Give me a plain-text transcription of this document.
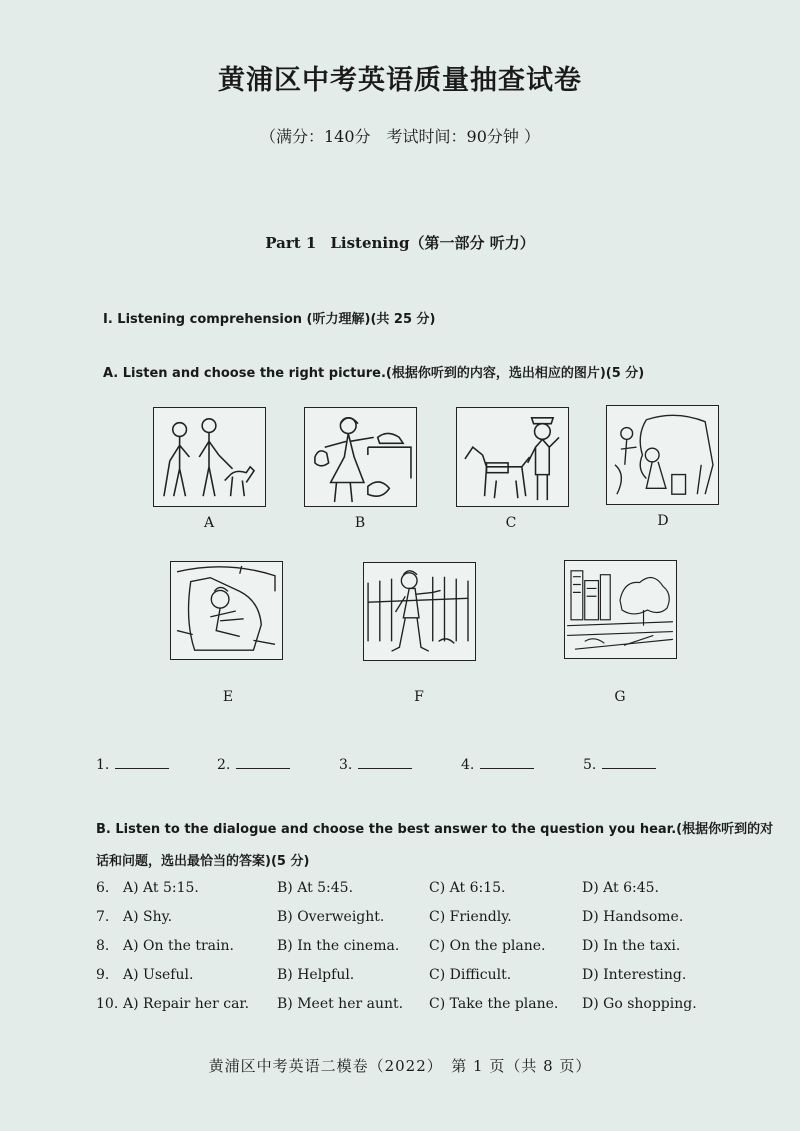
黄浦区中考英语质量抽查试卷
（满分：140分　考试时间：90分钟 ）
Part 1 Listening（第一部分 听力）
I. Listening comprehension (听力理解)(共 25 分)
A. Listen and choose the right picture.(根据你听到的内容，选出相应的图片)(5 分)
A	B	C	D
E	F	G
1.	2.	3.	4.	5.
B. Listen to the dialogue and choose the best answer to the question you hear.(根据你听到的对话和问题，选出最恰当的答案)(5 分)
6. A) At 5:15.	B) At 5:45.	C) At 6:15.	D) At 6:45.
7. A) Shy.	B) Overweight.	C) Friendly.	D) Handsome.
8. A) On the train.	B) In the cinema. C) On the plane.	D) In the taxi.
9. A) Useful.	B) Helpful.	C) Difficult.	D) Interesting.
10. A) Repair her car. B) Meet her aunt. C) Take the plane. D) Go shopping.
黄浦区中考英语二模卷（2022）　第 1 页（共 8 页）
